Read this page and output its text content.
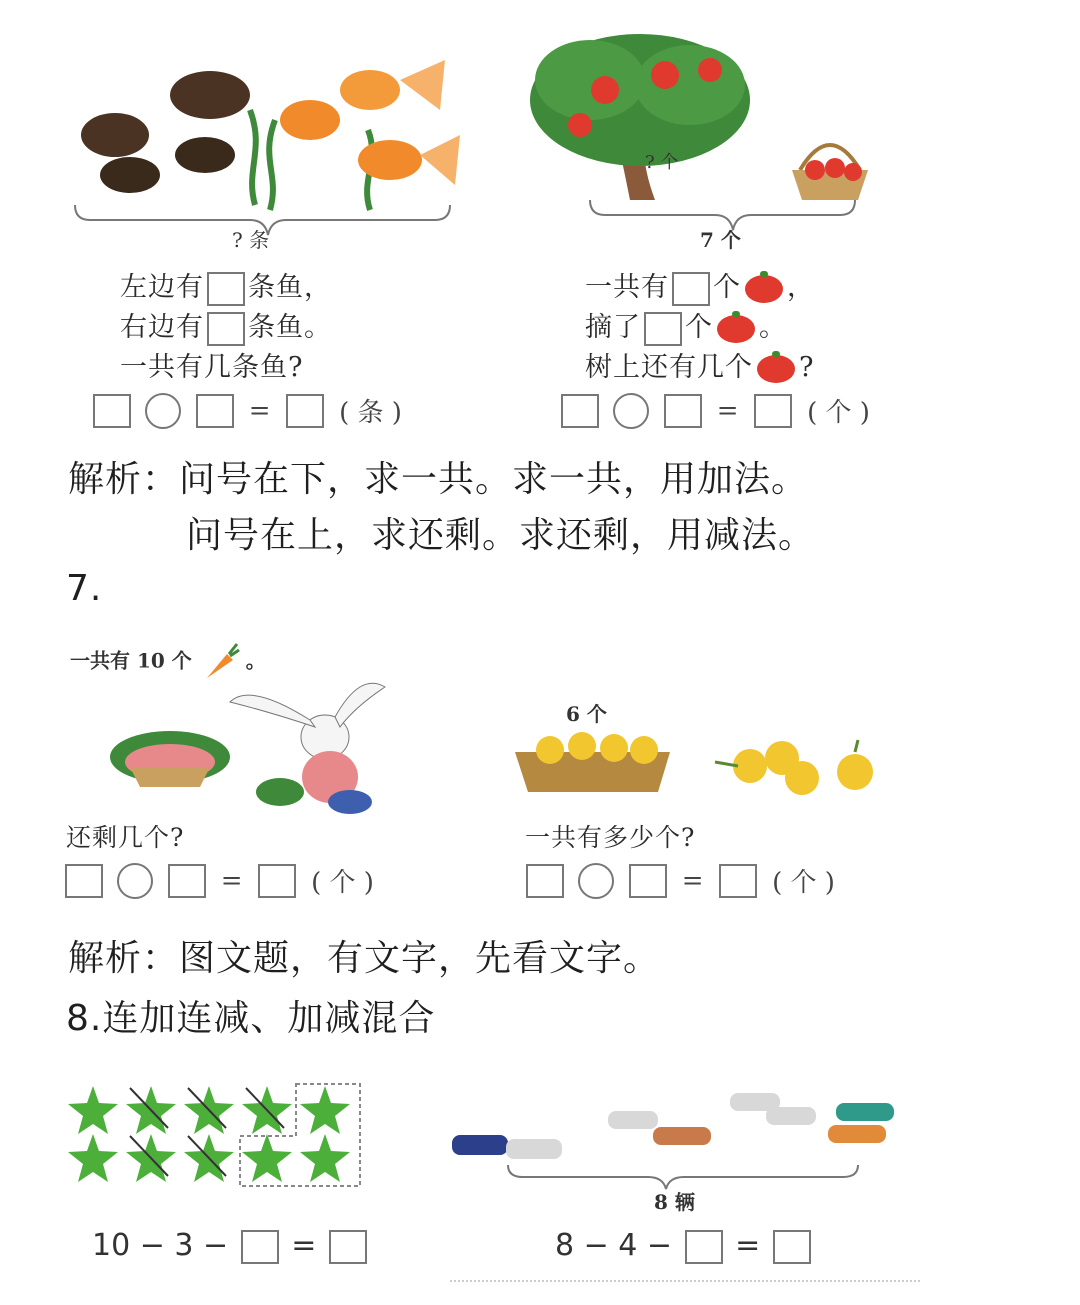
? 条
? 个
7 个
左边有 条鱼，
右边有 条鱼。
一共有几条鱼?
=	( 条 )
一共有 个 ，
摘了 个 。
树上还有几个 ?
=	( 个 )
解析：问号在下，求一共。求一共，用加法。
问号在上，求还剩。求还剩，用减法。
7.
一共有 10 个	。
6 个
还剩几个?	一共有多少个?
=	( 个 )	=	( 个 )
解析：图文题，有文字，先看文字。
8.连加连减、加减混合
8 辆
10 − 3 − =	8 − 4 − =
